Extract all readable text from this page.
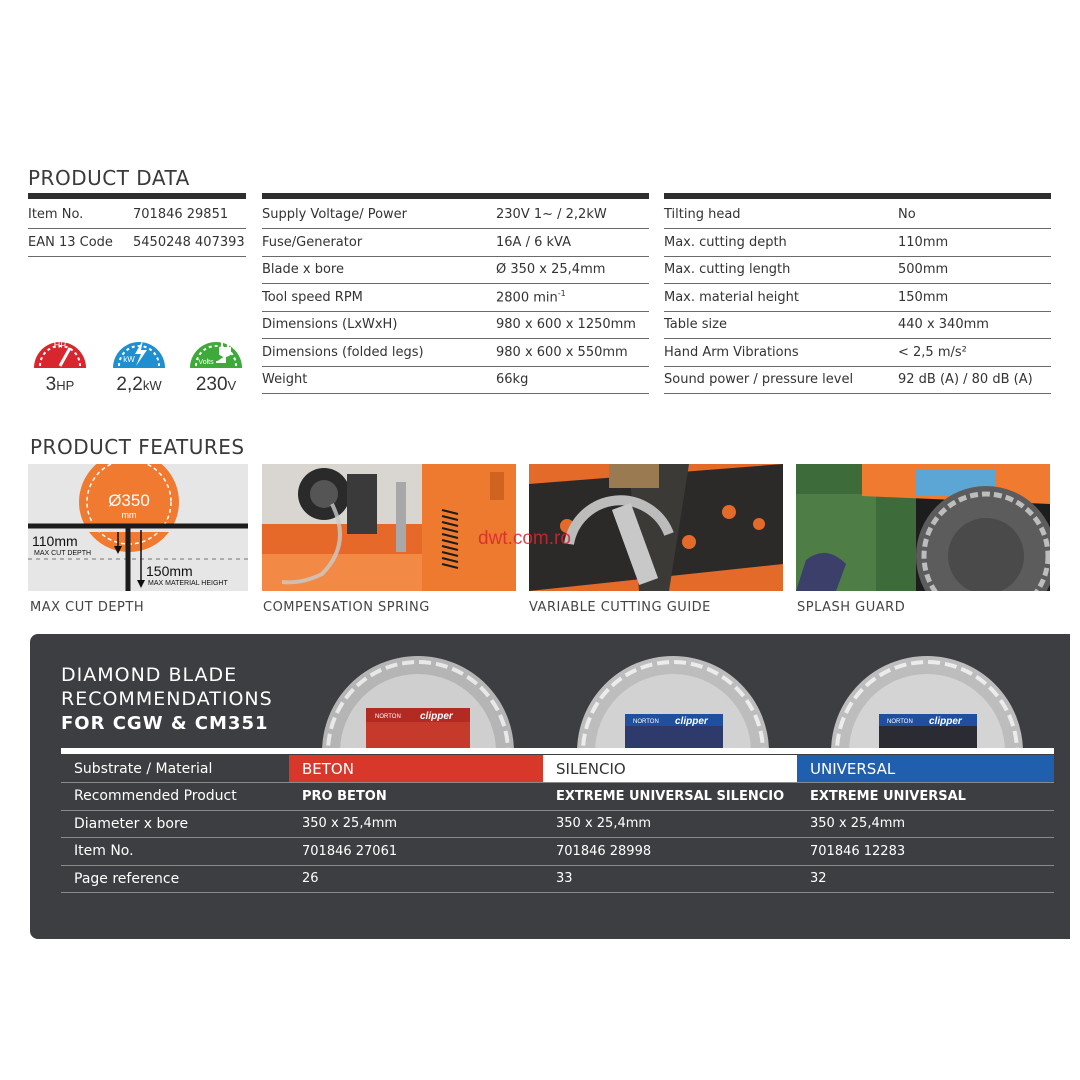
PRODUCT DATA
Item No.	701846 29851
EAN 13 Code	5450248 407393
Supply Voltage/ Power	230V 1~ / 2,2kW
Fuse/Generator	16A / 6 kVA
Blade x bore	Ø 350 x 25,4mm
Tool speed RPM	2800 $\min^{-1}$
Dimensions (LxWxH)	980 x 600 x 1250mm
Dimensions (folded legs)	980 x 600 x 550mm
Weight	66kg
Tilting head	No
Max. cutting depth	110mm
Max. cutting length	500mm
Max. material height	150mm
Table size	440 x 340mm
Hand Arm Vibrations	< 2,5 m/s²
Sound power / pressure level	92 dB (A) / 80 dB (A)
HP
kW	Volts
3HP	2,2kW	230V
PRODUCT FEATURES
Ø350
mm
110mm
MAX CUT DEPTH
150mm
MAX MATERIAL HEIGHT
dwt.com.ro
MAX CUT DEPTH	COMPENSATION SPRING	VARIABLE CUTTING GUIDE	SPLASH GUARD
DIAMOND BLADE
RECOMMENDATIONS
FOR CGW & CM351	NORTON clipper	NORTON clipper	NORTON clipper
Substrate / Material	BETON	SILENCIO	UNIVERSAL
Recommended Product	PRO BETON	EXTREME UNIVERSAL SILENCIO	EXTREME UNIVERSAL
Diameter x bore	350 x 25,4mm	350 x 25,4mm	350 x 25,4mm
Item No.	701846 27061	701846 28998	701846 12283
Page reference	26	33	32
